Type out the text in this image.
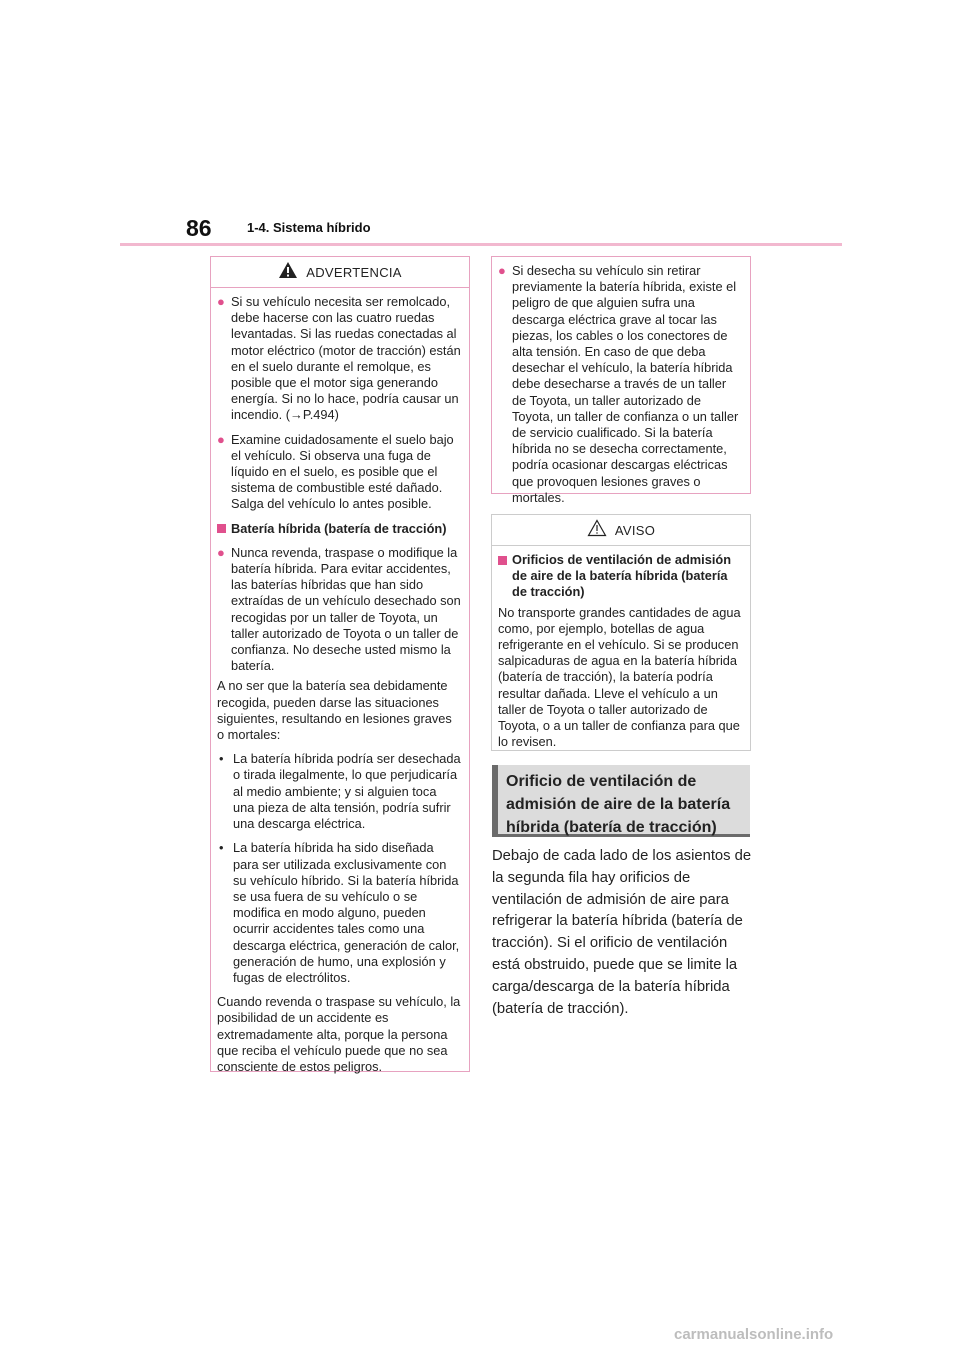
86	1-4. Sistema híbrido
ADVERTENCIA
● Si su vehículo necesita ser remolcado, debe hacerse con las cuatro ruedas levantadas. Si las ruedas conectadas al motor eléctrico (motor de tracción) están en el suelo durante el remolque, es posible que el motor siga generando energía. Si no lo hace, podría causar un incendio. (→P.494)
● Examine cuidadosamente el suelo bajo el vehículo. Si observa una fuga de líquido en el suelo, es posible que el sistema de combustible esté dañado. Salga del vehículo lo antes posible.
Batería híbrida (batería de tracción)
● Nunca revenda, traspase o modifique la batería híbrida. Para evitar accidentes, las baterías híbridas que han sido extraídas de un vehículo desechado son recogidas por un taller de Toyota, un taller autorizado de Toyota o un taller de confianza. No deseche usted mismo la batería.

A no ser que la batería sea debidamente recogida, pueden darse las situaciones siguientes, resultando en lesiones graves o mortales:

• La batería híbrida podría ser desechada o tirada ilegalmente, lo que perjudicaría al medio ambiente; y si alguien toca una pieza de alta tensión, podría sufrir una descarga eléctrica.
• La batería híbrida ha sido diseñada para ser utilizada exclusivamente con su vehículo híbrido. Si la batería híbrida se usa fuera de su vehículo o se modifica en modo alguno, pueden ocurrir accidentes tales como una descarga eléctrica, generación de calor, generación de humo, una explosión y fugas de electrólitos.

Cuando revenda o traspase su vehículo, la posibilidad de un accidente es extremadamente alta, porque la persona que reciba el vehículo puede que no sea consciente de estos peligros.

● Si desecha su vehículo sin retirar previamente la batería híbrida, existe el peligro de que alguien sufra una descarga eléctrica grave al tocar las piezas, los cables o los conectores de alta tensión. En caso de que deba desechar el vehículo, la batería híbrida debe desecharse a través de un taller de Toyota, un taller autorizado de Toyota, un taller de confianza o un taller de servicio cualificado. Si la batería híbrida no se desecha correctamente, podría ocasionar descargas eléctricas que provoquen lesiones graves o mortales.
AVISO
Orificios de ventilación de admisión de aire de la batería híbrida (batería de tracción)

No transporte grandes cantidades de agua como, por ejemplo, botellas de agua refrigerante en el vehículo. Si se producen salpicaduras de agua en la batería híbrida (batería de tracción), la batería podría resultar dañada. Lleve el vehículo a un taller de Toyota o taller autorizado de Toyota, o a un taller de confianza para que lo revisen.

Orificio de ventilación de admisión de aire de la batería híbrida (batería de tracción)
Debajo de cada lado de los asientos de la segunda fila hay orificios de ventilación de admisión de aire para refrigerar la batería híbrida (batería de tracción). Si el orificio de ventilación está obstruido, puede que se limite la carga/descarga de la batería híbrida (batería de tracción).
carmanualsonline.info
